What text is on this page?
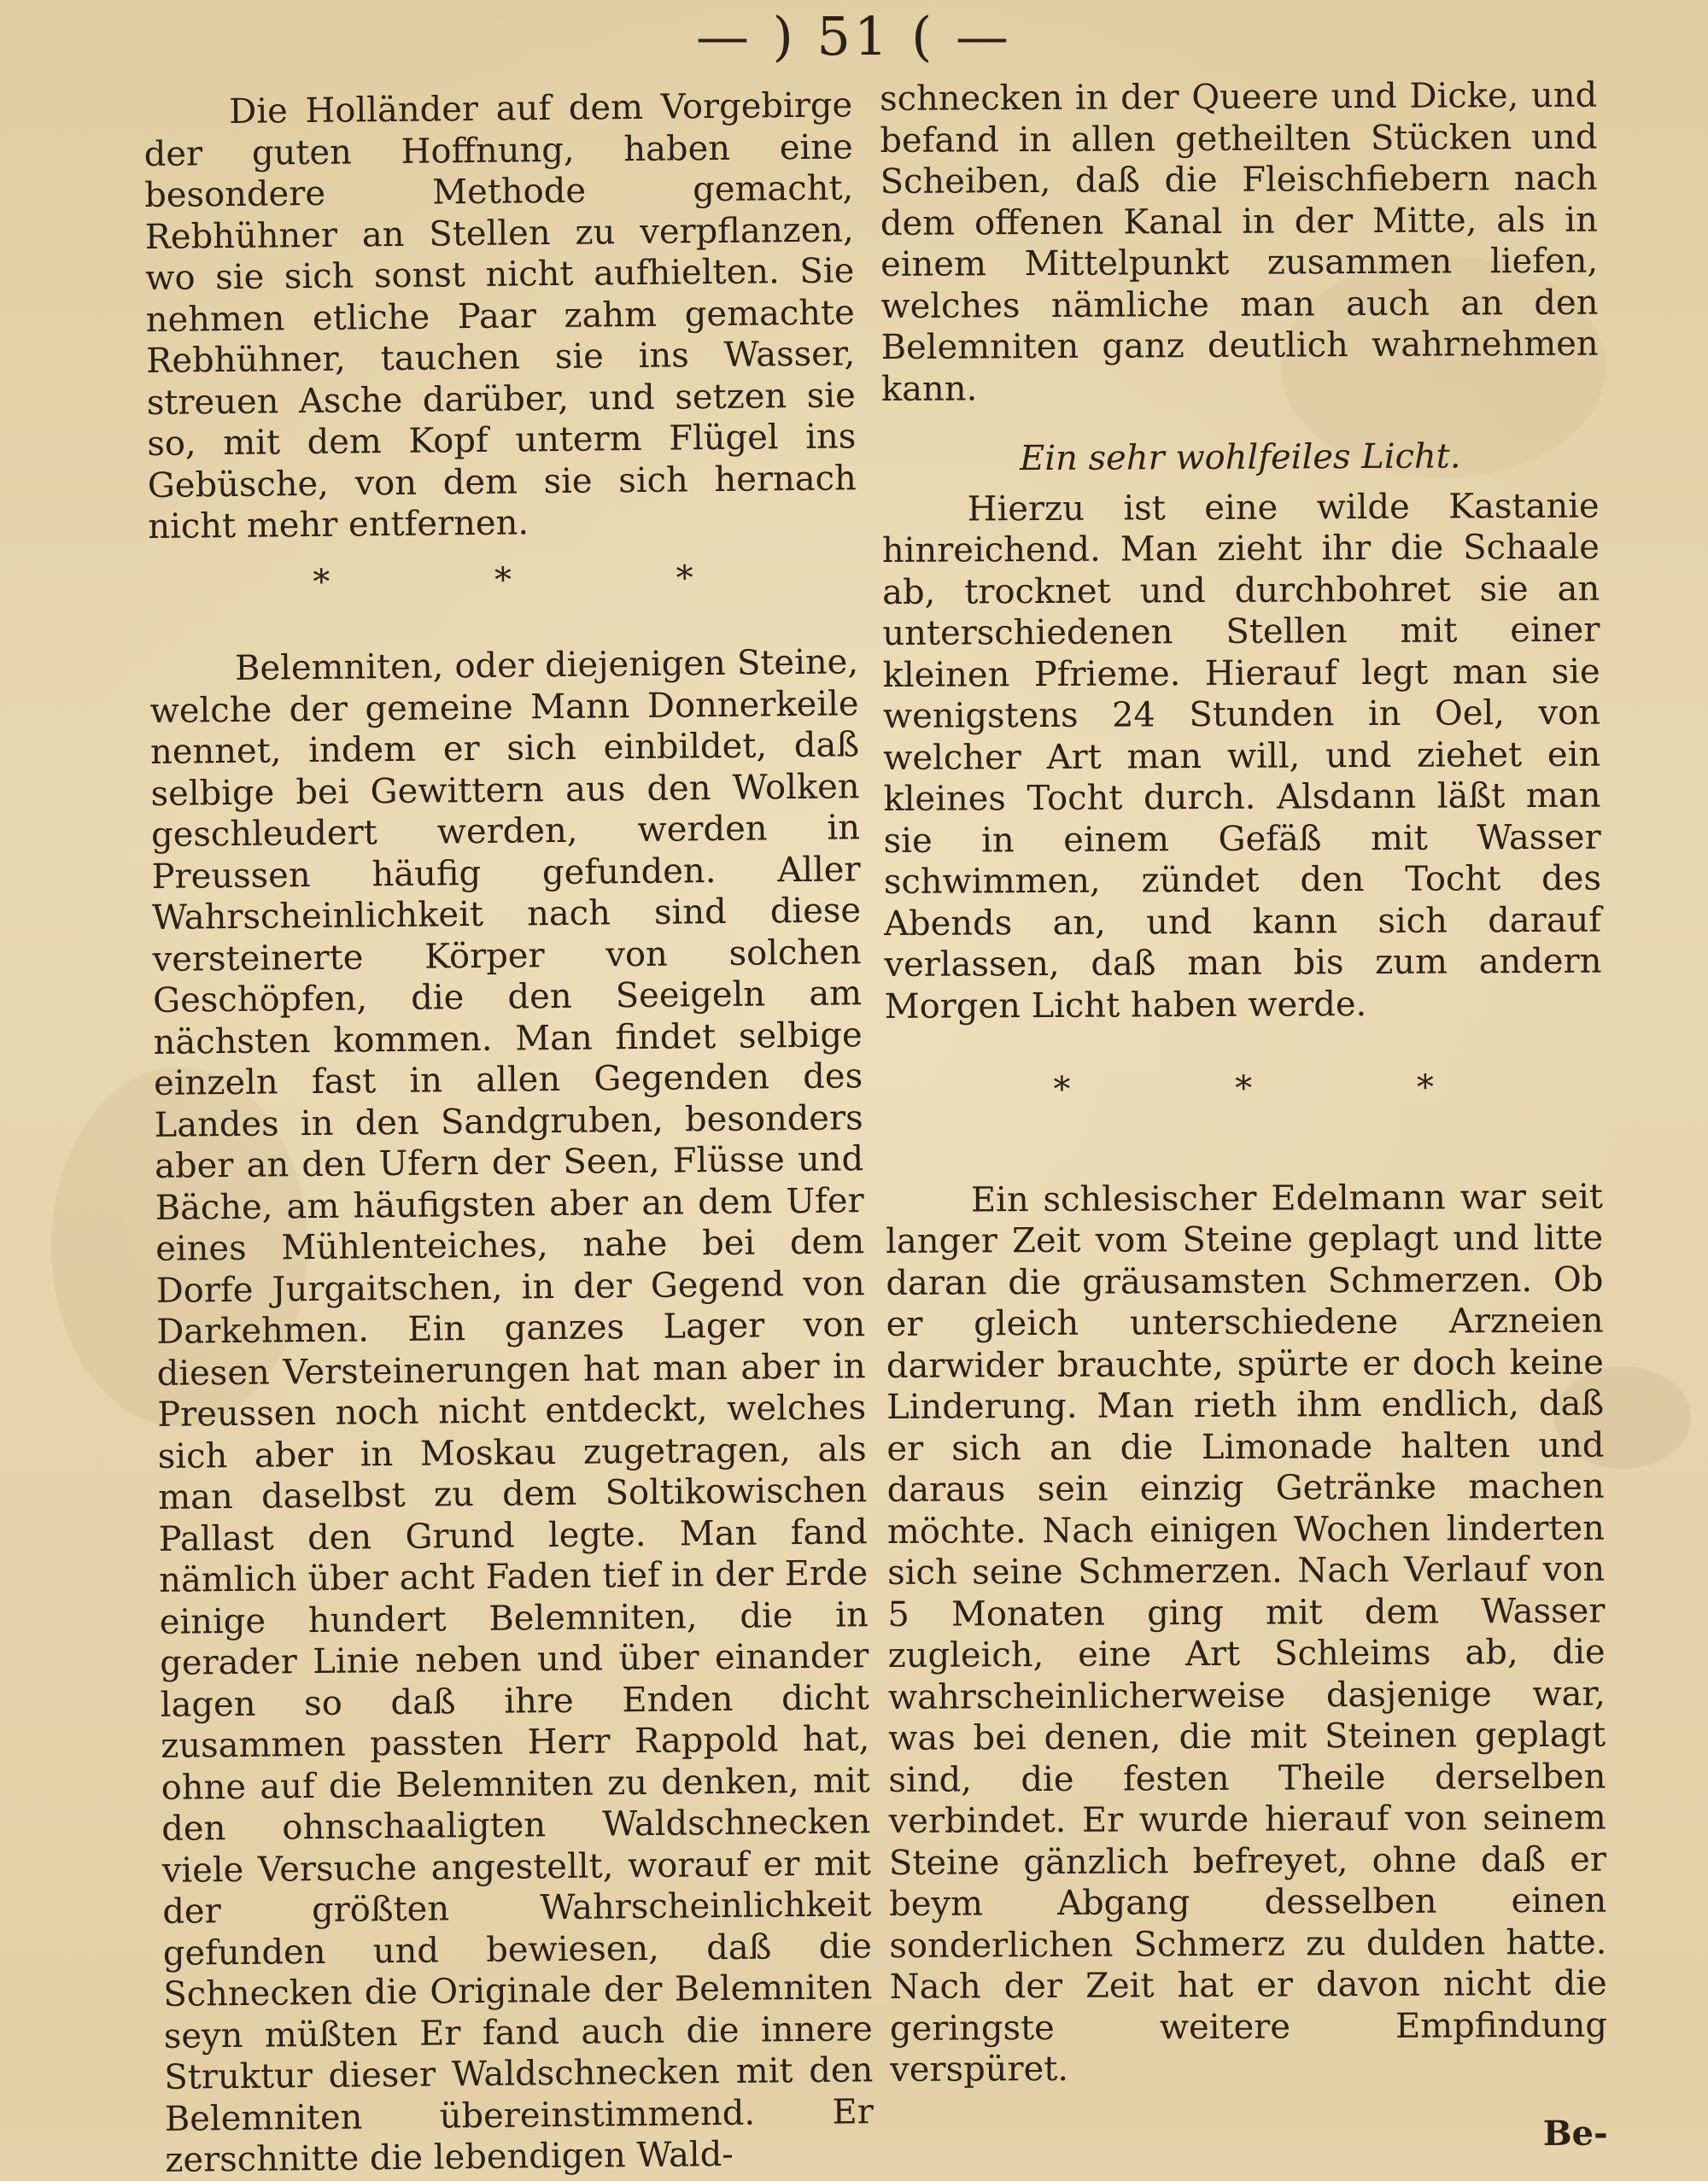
— ) 51 ( —

Die Holländer auf dem Vorgebirge der guten Hoffnung, haben eine besondere Methode gemacht, Rebhühner an Stellen zu verpflanzen, wo sie sich sonst nicht aufhielten. Sie nehmen etliche Paar zahm gemachte Rebhühner, tauchen sie ins Wasser, streuen Asche darüber, und setzen sie so, mit dem Kopf unterm Flügel ins Gebüsche, von dem sie sich hernach nicht mehr entfernen.

* * *

Belemniten, oder diejenigen Steine, welche der gemeine Mann Donnerkeile nennet, indem er sich einbildet, daß selbige bei Gewittern aus den Wolken geschleudert werden, werden in Preussen häufig gefunden. Aller Wahrscheinlichkeit nach sind diese versteinerte Körper von solchen Geschöpfen, die den Seeigeln am nächsten kommen. Man findet selbige einzeln fast in allen Gegenden des Landes in den Sandgruben, besonders aber an den Ufern der Seen, Flüsse und Bäche, am häufigsten aber an dem Ufer eines Mühlenteiches, nahe bei dem Dorfe Jurgaitschen, in der Gegend von Darkehmen. Ein ganzes Lager von diesen Versteinerungen hat man aber in Preussen noch nicht entdeckt, welches sich aber in Moskau zugetragen, als man daselbst zu dem Soltikowischen Pallast den Grund legte. Man fand nämlich über acht Faden tief in der Erde einige hundert Belemniten, die in gerader Linie neben und über einander lagen so daß ihre Enden dicht zusammen passten Herr Rappold hat, ohne auf die Belemniten zu denken, mit den ohnschaaligten Waldschnecken viele Versuche angestellt, worauf er mit der größten Wahrscheinlichkeit gefunden und bewiesen, daß die Schnecken die Originale der Belemniten seyn müßten Er fand auch die innere Struktur dieser Waldschnecken mit den Belemniten übereinstimmend. Er zerschnitte die lebendigen Wald-

schnecken in der Queere und Dicke, und befand in allen getheilten Stücken und Scheiben, daß die Fleischfiebern nach dem offenen Kanal in der Mitte, als in einem Mittelpunkt zusammen liefen, welches nämliche man auch an den Belemniten ganz deutlich wahrnehmen kann.

Ein sehr wohlfeiles Licht.

Hierzu ist eine wilde Kastanie hinreichend. Man zieht ihr die Schaale ab, trocknet und durchbohret sie an unterschiedenen Stellen mit einer kleinen Pfrieme. Hierauf legt man sie wenigstens 24 Stunden in Oel, von welcher Art man will, und ziehet ein kleines Tocht durch. Alsdann läßt man sie in einem Gefäß mit Wasser schwimmen, zündet den Tocht des Abends an, und kann sich darauf verlassen, daß man bis zum andern Morgen Licht haben werde.

* * *

Ein schlesischer Edelmann war seit langer Zeit vom Steine geplagt und litte daran die gräusamsten Schmerzen. Ob er gleich unterschiedene Arzneien darwider brauchte, spürte er doch keine Linderung. Man rieth ihm endlich, daß er sich an die Limonade halten und daraus sein einzig Getränke machen möchte. Nach einigen Wochen linderten sich seine Schmerzen. Nach Verlauf von 5 Monaten ging mit dem Wasser zugleich, eine Art Schleims ab, die wahrscheinlicherweise dasjenige war, was bei denen, die mit Steinen geplagt sind, die festen Theile derselben verbindet. Er wurde hierauf von seinem Steine gänzlich befreyet, ohne daß er beym Abgang desselben einen sonderlichen Schmerz zu dulden hatte. Nach der Zeit hat er davon nicht die geringste weitere Empfindung verspüret.

Be-
